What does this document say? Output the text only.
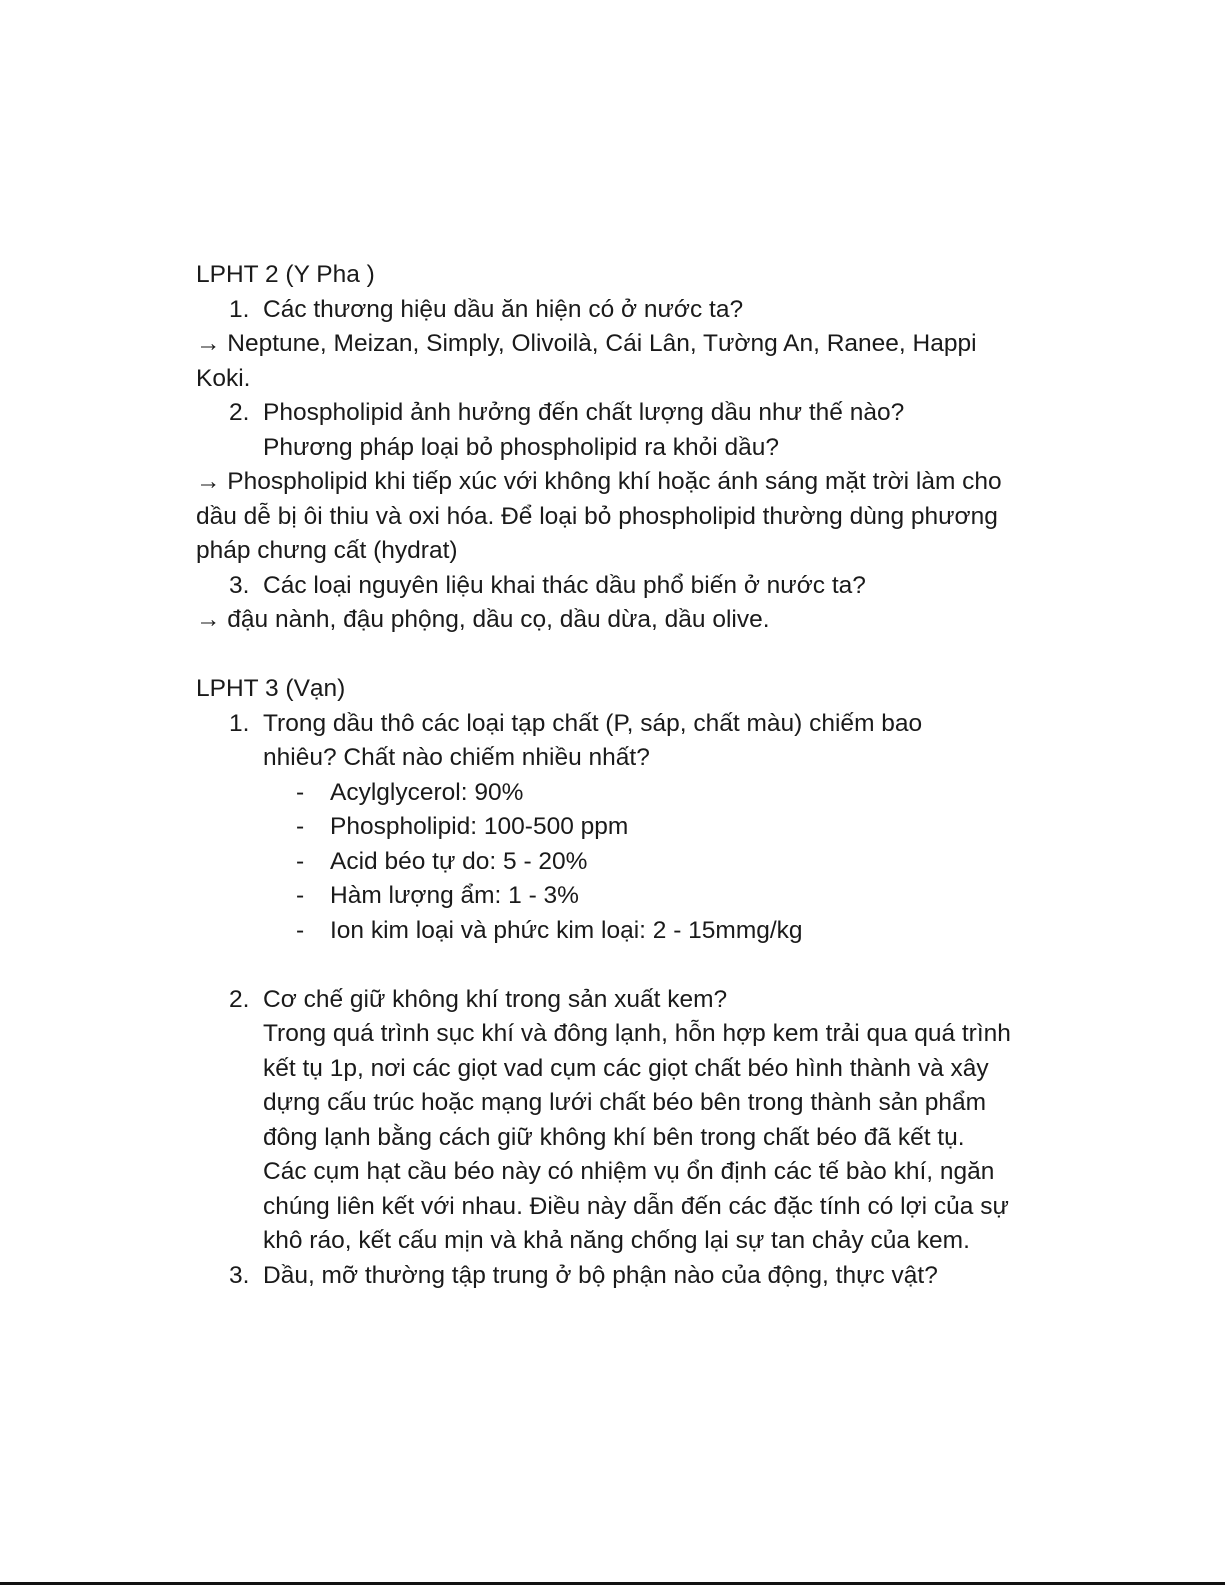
LPHT 2 (Y Pha )
1. Các thương hiệu dầu ăn hiện có ở nước ta?
→ Neptune, Meizan, Simply, Olivoilà, Cái Lân, Tường An, Ranee, Happi Koki.
2. Phospholipid ảnh hưởng đến chất lượng dầu như thế nào? Phương pháp loại bỏ phospholipid ra khỏi dầu?
→ Phospholipid khi tiếp xúc với không khí hoặc ánh sáng mặt trời làm cho dầu dễ bị ôi thiu và oxi hóa. Để loại bỏ phospholipid thường dùng phương pháp chưng cất (hydrat)
3. Các loại nguyên liệu khai thác dầu phổ biến ở nước ta?
→ đậu nành, đậu phộng, dầu cọ, dầu dừa, dầu olive.
LPHT 3 (Vạn)
1. Trong dầu thô các loại tạp chất (P, sáp, chất màu) chiếm bao nhiêu? Chất nào chiếm nhiều nhất?
-	Acylglycerol: 90%
-	Phospholipid: 100-500 ppm
-	Acid béo tự do: 5 - 20%
-	Hàm lượng ẩm: 1 - 3%
-	Ion kim loại và phức kim loại: 2 - 15mmg/kg
2. Cơ chế giữ không khí trong sản xuất kem?
Trong quá trình sục khí và đông lạnh, hỗn hợp kem trải qua quá trình kết tụ 1p, nơi các giọt vad cụm các giọt chất béo hình thành và xây dựng cấu trúc hoặc mạng lưới chất béo bên trong thành sản phẩm đông lạnh bằng cách giữ không khí bên trong chất béo đã kết tụ.
Các cụm hạt cầu béo này có nhiệm vụ ổn định các tế bào khí, ngăn chúng liên kết với nhau. Điều này dẫn đến các đặc tính có lợi của sự khô ráo, kết cấu mịn và khả năng chống lại sự tan chảy của kem.
3. Dầu, mỡ thường tập trung ở bộ phận nào của động, thực vật?
